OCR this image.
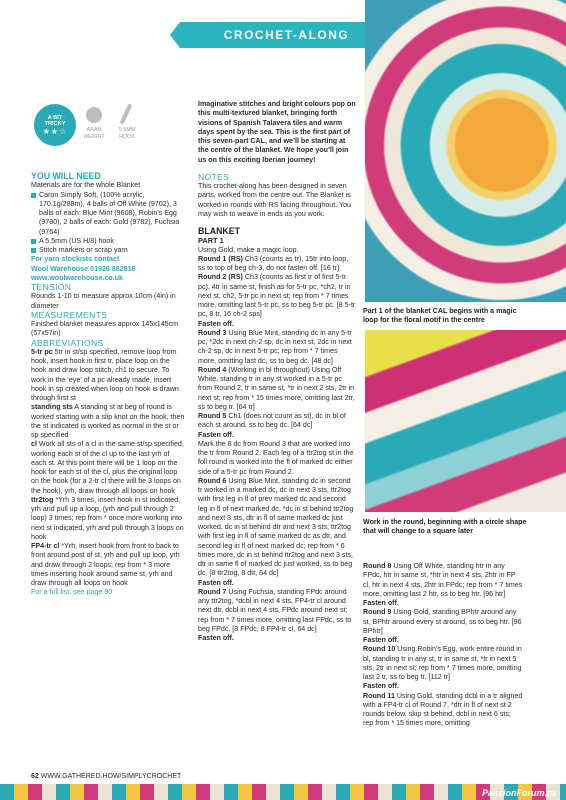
CROCHET-ALONG
A BIT
TRICKY
★★☆	ARAN
WEIGHT
5.5MM
HOOK

YOU WILL NEED

Materials are for the whole Blanket

Caron Simply Soft, (100% acrylic, 170.1g/288m), 4 balls of Off White (9702), 3 balls of each: Blue Mint (9608), Robin’s Egg (9780), 2 balls of each: Gold (9782), Fuchsia (9764)
A 5.5mm (US H/8) hook
Stitch markers or scrap yarn

For yarn stockists contact

Wool Warehouse 01926 882818

www.woolwarehouse.co.uk

TENSION

Rounds 1-10 to measure approx 10cm (4in) in diameter

MEASUREMENTS

Finished blanket measures approx 145x145cm (57x57in)

ABBREVIATIONS

5-tr pc 5tr in st/sp specified, remove loop from hook, insert hook in first tr, place loop on the hook and draw loop stitch, ch1 to secure. To work in the ‘eye’ of a pc already made, insert hook in sp created when loop on hook is drawn through first st

standing sts A standing st at beg of round is worked starting with a slip knot on the hook, then the st indicated is worked as normal in the st or sp specified

cl Work all sts of a cl in the same st/sp specified, working each st of the cl up to the last yrh of each st. At this point there will be 1 loop on the hook for each st of the cl, plus the original loop on the hook (for a 2-tr cl there will be 3 loops on the hook), yrh, draw through all loops on hook

ttr2tog *Yrh 3 times, insert hook in st indicated, yrh and pull up a loop, (yrh and pull through 2 loop) 3 times; rep from * once more working into next st indicated, yrh and pull through 3 loops on hook

FP4-tr cl *Yrh, insert hook from front to back to front around post of st, yrh and pull up loop, yrh and draw through 2 loops; rep from * 3 more times inserting hook around same st, yrh and draw through all loops on hook

For a full list, see page 90

Imaginative stitches and bright colours pop on this multi-textured blanket, bringing forth visions of Spanish Talavera tiles and warm days spent by the sea. This is the first part of this seven-part CAL, and we’ll be starting at the centre of the blanket. We hope you’ll join us on this exciting Iberian journey!

NOTES

This crochet-along has been designed in seven parts, worked from the centre out. The Blanket is worked in rounds with RS facing throughout. You may wish to weave in ends as you work.

BLANKET

PART 1

Using Gold, make a magic loop.

Round 1 (RS) Ch3 (counts as tr), 15tr into loop, ss to top of beg ch-3, do not fasten off. [16 tr]

Round 2 (RS) Ch3 (counts as first tr of first 5-tr pc), 4tr in same st, finish as for 5-tr pc, *ch2, tr in next st, ch2, 5-tr pc in next st; rep from * 7 times more, omitting last 5-tr pc, ss to beg 5-tr pc. [8 5-tr pc, 8 tr, 16 ch-2 sps]

Fasten off.

Round 3 Using Blue Mint, standing dc in any 5-tr pc, *2dc in next ch-2 sp, dc in next st, 2dc in next ch-2 sp, dc in next 5-tr pc; rep from * 7 times more, omitting last dc, ss to beg dc. [48 dc]

Round 4 (Working in bl throughout) Using Off White, standing tr in any st worked in a 5-tr pc from Round 2, tr in same st, *tr in next 2 sts, 2tr in next st; rep from * 15 times more, omitting last 2tr, ss to beg tr. [64 tr]

Round 5 Ch1 (does not count as st), dc in bl of each st around, ss to beg dc. [64 dc]

Fasten off.

Mark the 8 dc from Round 3 that are worked into the tr from Round 2. Each leg of a ttr2tog st in the foll round is worked into the fl of marked dc either side of a 5-tr pc from Round 2.

Round 6 Using Blue Mint, standing dc in second tr worked in a marked dc, dc in next 3 sts, ttr2tog with first leg in fl of prev marked dc and second leg in fl of next marked dc, *dc in st behind ttr2tog and next 3 sts, dtr in fl of same marked dc just worked, dc in st behind dtr and next 3 sts, ttr2tog with first leg in fl of same marked dc as dtr, and second leg in fl of next marked dc; rep from * 6 times more, dc in st behind ttr2tog and next 3 sts, dtr in same fl of marked dc just worked, ss to beg dc. [8 ttr2tog, 8 dtr, 64 dc]

Fasten off.

Round 7 Using Fuchsia, standing FPdc around any ttr2tog, *dcbl in next 4 sts, FP4-tr cl around next dtr, dcbl in next 4 sts, FPdc around next st; rep from * 7 times more, omitting last FPdc, ss to beg FPdc. [8 FPdc, 8 FP4-tr cl, 64 dc]

Fasten off.

Part 1 of the blanket CAL begins with a magic loop for the floral motif in the centre
Work in the round, beginning with a circle shape that will change to a square later

Round 8 Using Off White, standing htr in any FPdc, htr in same st, *htr in next 4 sts, 2htr in FP cl, htr in next 4 sts, 2htr in FPdc; rep from * 7 times more, omitting last 2 htr, ss to beg htr. [96 htr]

Fasten off.

Round 9 Using Gold, standing BPhtr around any st, BPhtr around every st around, ss to beg htr. [96 BPhtr]

Fasten off.

Round 10 Using Robin’s Egg, work entire round in bl, standing tr in any st, tr in same st, *tr in next 5 sts, 2tr in next st; rep from * 7 times more, omitting last 2 tr, ss to beg tr. [112 tr]

Fasten off.

Round 11 Using Gold, standing dcbl in a tr aligned with a FP4-tr cl of Round 7, *dtr in fl of next st 2 rounds below, skip st behind, dcbl in next 6 sts; rep from * 15 times more, omitting

62 WWW.GATHERED.HOW/SIMPLYCROCHET
PassionForum.ru
